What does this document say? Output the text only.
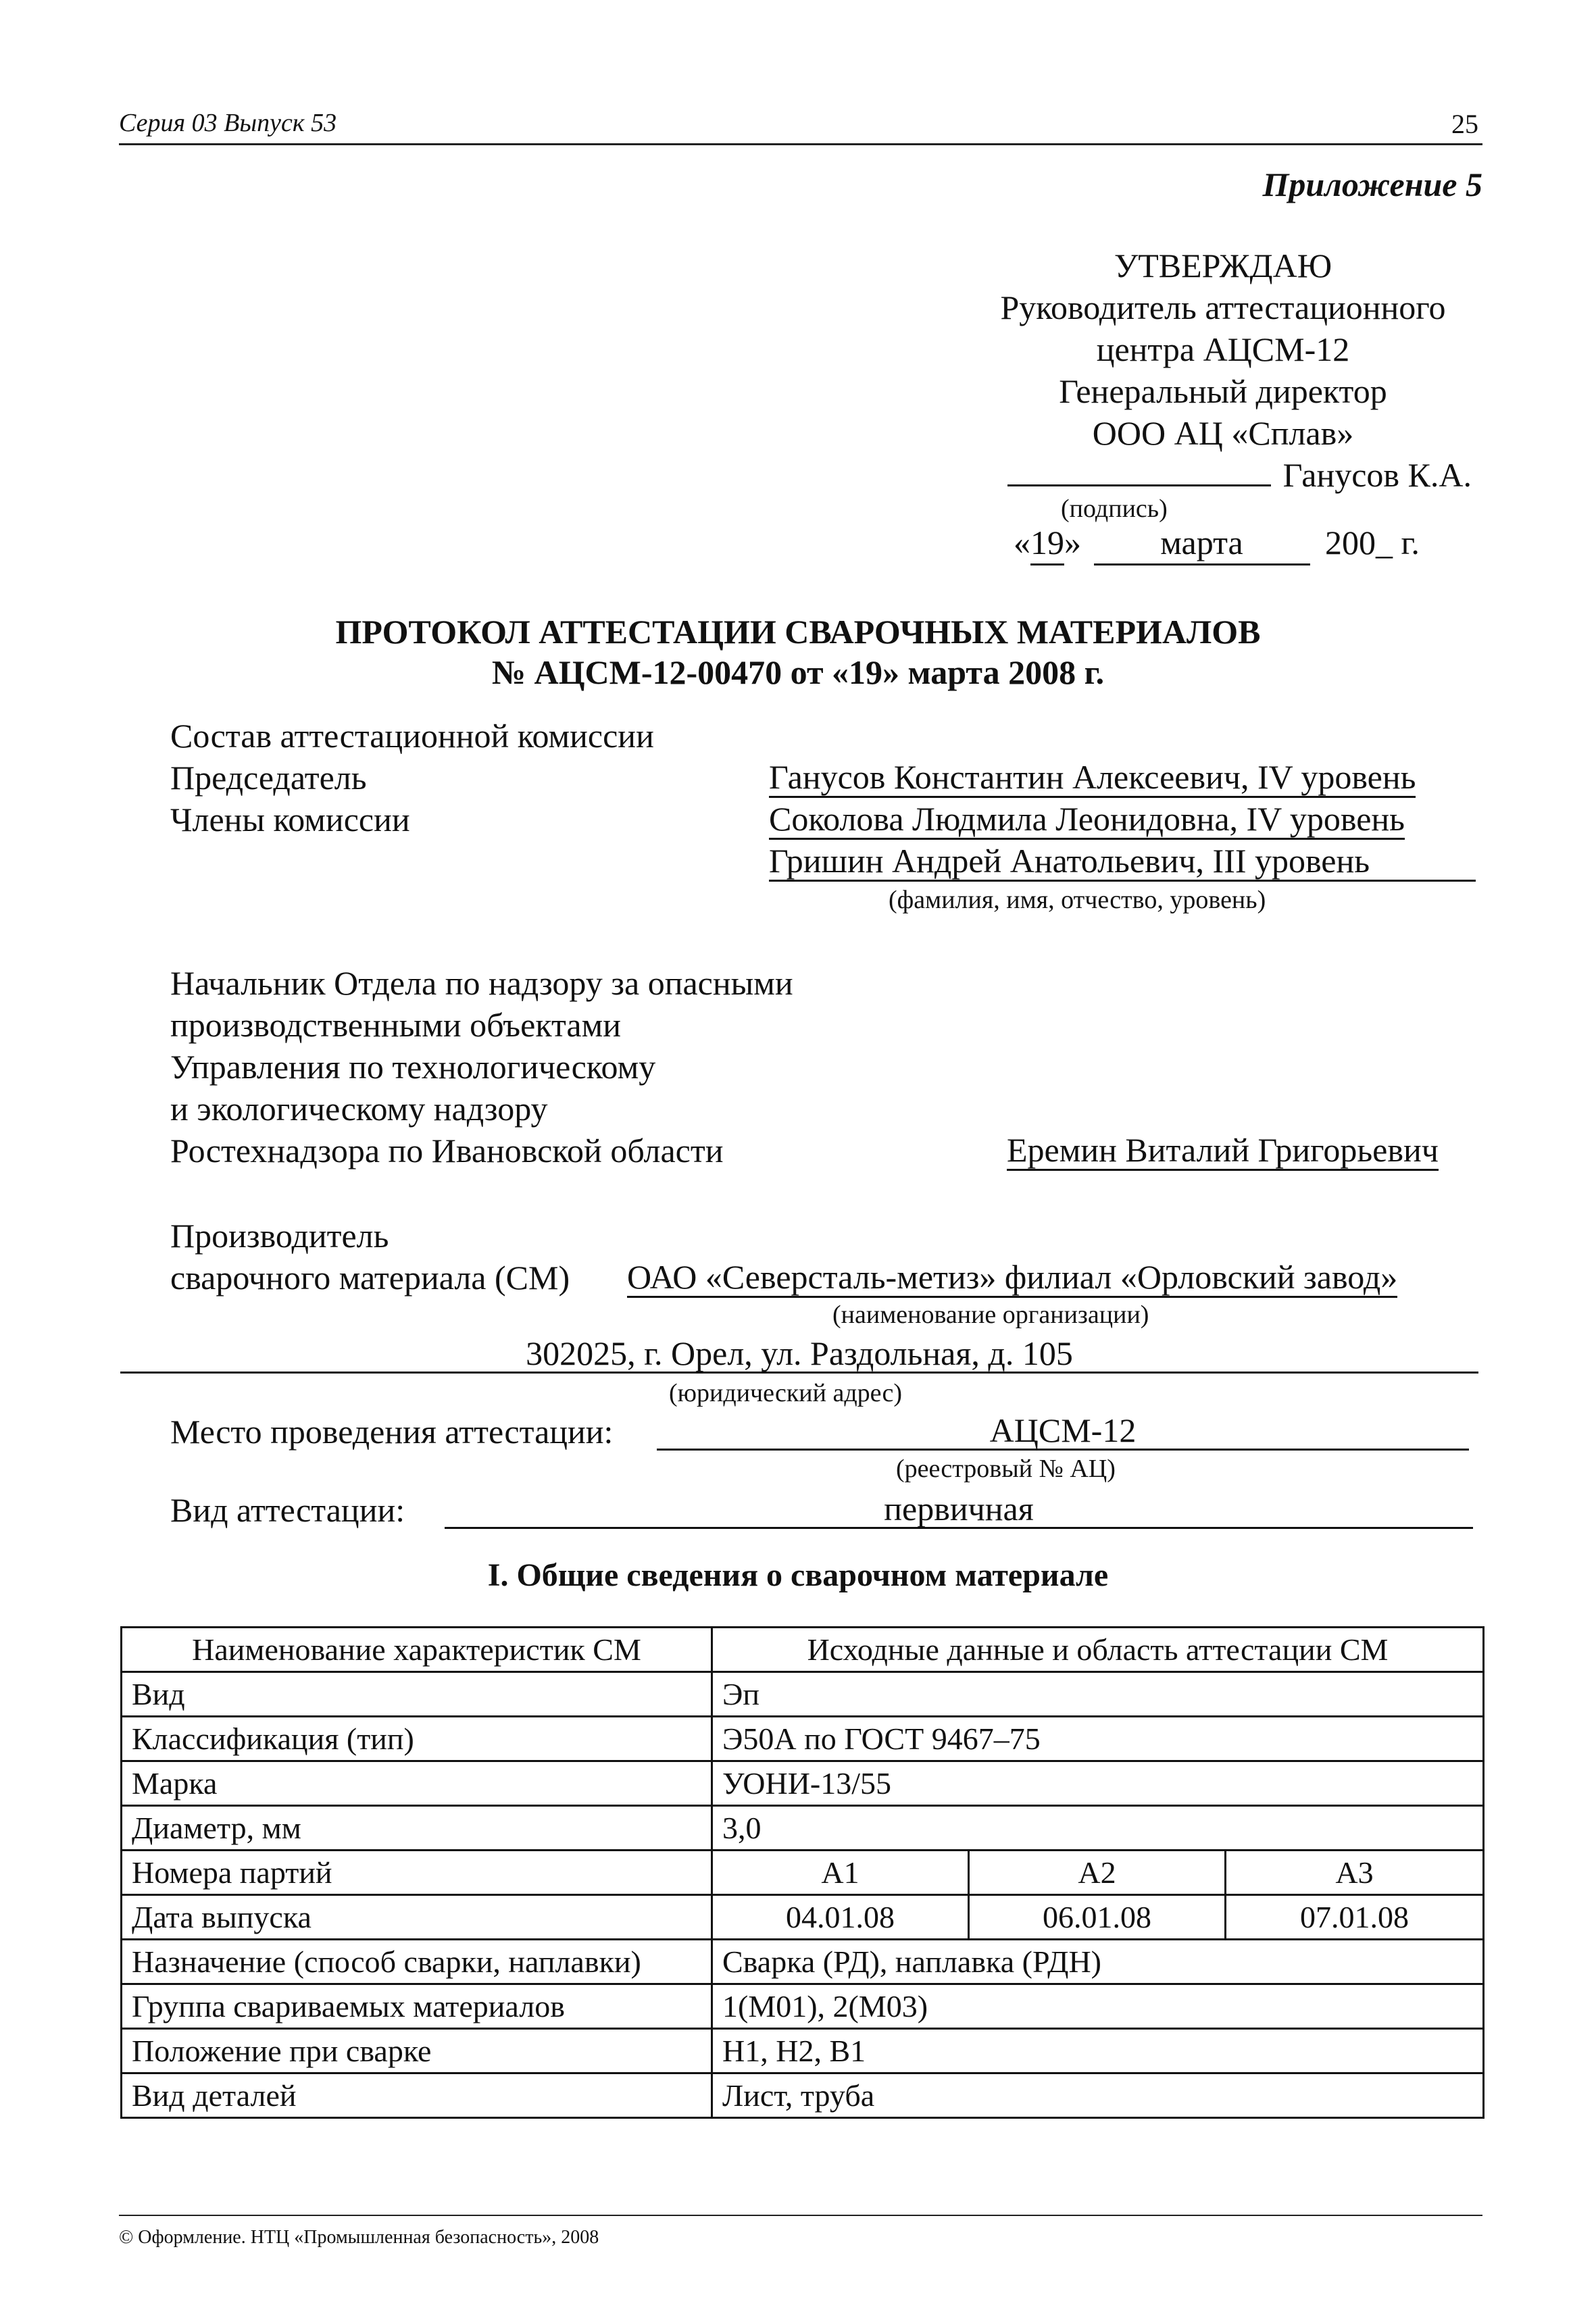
Серия 03 Выпуск 53	25
Приложение 5
УТВЕРЖДАЮ
Руководитель аттестационного
центра АЦСМ-12
Генеральный директор
ООО АЦ «Сплав»
Ганусов К.А.
(подпись)
«19» марта 200_ г.
ПРОТОКОЛ АТТЕСТАЦИИ СВАРОЧНЫХ МАТЕРИАЛОВ
№ АЦСМ-12-00470 от «19» марта 2008 г.
Состав аттестационной комиссии
Председатель	Ганусов Константин Алексеевич, IV уровень
Члены комиссии	Соколова Людмила Леонидовна, IV уровень
Гришин Андрей Анатольевич, III уровень
(фамилия, имя, отчество, уровень)
Начальник Отдела по надзору за опасными
производственными объектами
Управления по технологическому
и экологическому надзору
Ростехнадзора по Ивановской области	Еремин Виталий Григорьевич
Производитель
сварочного материала (СМ) ОАО «Северсталь-метиз» филиал «Орловский завод»
(наименование организации)
302025, г. Орел, ул. Раздольная, д. 105
(юридический адрес)
Место проведения аттестации:	АЦСМ-12
(реестровый № АЦ)
Вид аттестации:	первичная
I. Общие сведения о сварочном материале
Наименование характеристик СМ	Исходные данные и область аттестации СМ		
Вид	Эп		
Классификация (тип)	Э50А по ГОСТ 9467–75		
Марка	УОНИ-13/55		
Диаметр, мм	3,0		
Номера партий	А1	А2	А3
Дата выпуска	04.01.08	06.01.08	07.01.08
Назначение (способ сварки, наплавки)	Сварка (РД), наплавка (РДН)		
Группа свариваемых материалов	1(М01), 2(М03)		
Положение при сварке	Н1, Н2, В1		
Вид деталей	Лист, труба		
© Оформление. НТЦ «Промышленная безопасность», 2008
